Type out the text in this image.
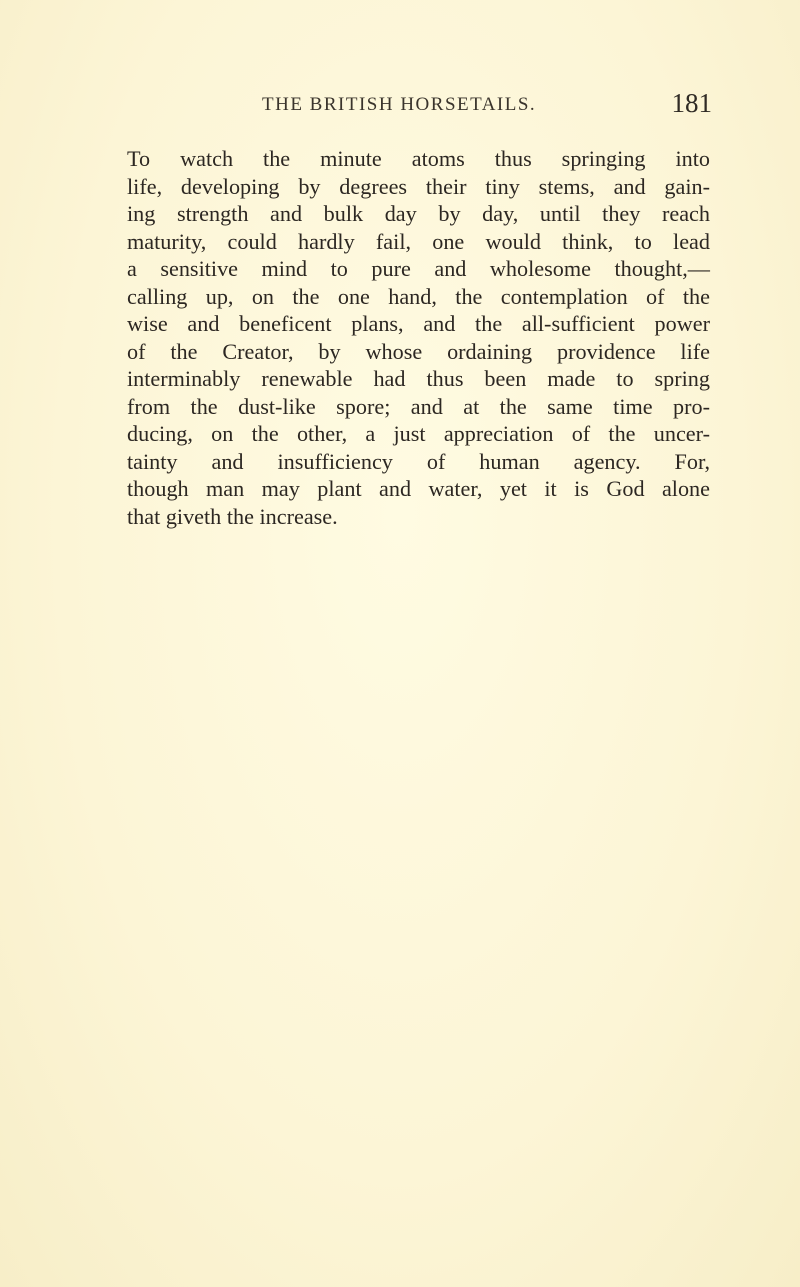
THE BRITISH HORSETAILS.	181
To watch the minute atoms thus springing into
life, developing by degrees their tiny stems, and gain-
ing strength and bulk day by day, until they reach
maturity, could hardly fail, one would think, to lead
a sensitive mind to pure and wholesome thought,—
calling up, on the one hand, the contemplation of the
wise and beneficent plans, and the all-sufficient power
of the Creator, by whose ordaining providence life
interminably renewable had thus been made to spring
from the dust-like spore; and at the same time pro-
ducing, on the other, a just appreciation of the uncer-
tainty and insufficiency of human agency. For,
though man may plant and water, yet it is God alone
that giveth the increase.
